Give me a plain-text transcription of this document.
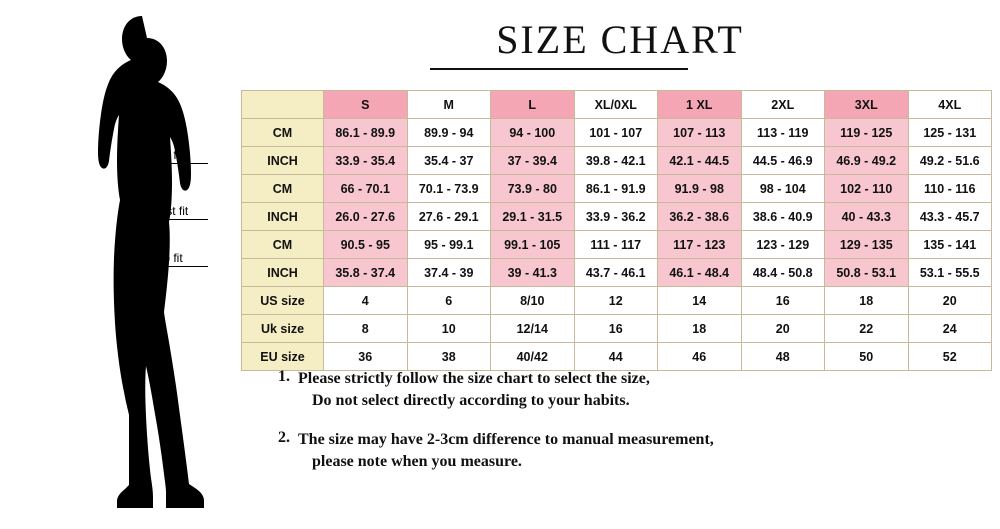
Bust fit
Waist fit
Hip fit
SIZE CHART
	S	M	L	XL/0XL	1 XL	2XL	3XL	4XL
CM	86.1 - 89.9	89.9 - 94	94 - 100	101 - 107	107 - 113	113 - 119	119 - 125	125 - 131
INCH	33.9 - 35.4	35.4 - 37	37 - 39.4	39.8 - 42.1	42.1 - 44.5	44.5 - 46.9	46.9 - 49.2	49.2 - 51.6
CM	66 - 70.1	70.1 - 73.9	73.9 - 80	86.1 - 91.9	91.9 - 98	98 - 104	102 - 110	110 - 116
INCH	26.0 - 27.6	27.6 - 29.1	29.1 - 31.5	33.9 - 36.2	36.2 - 38.6	38.6 - 40.9	40 - 43.3	43.3 - 45.7
CM	90.5 - 95	95 - 99.1	99.1 - 105	111 - 117	117 - 123	123 - 129	129 - 135	135 - 141
INCH	35.8 - 37.4	37.4 - 39	39 - 41.3	43.7 - 46.1	46.1 - 48.4	48.4 - 50.8	50.8 - 53.1	53.1 - 55.5
US size	4	6	8/10	12	14	16	18	20
Uk size	8	10	12/14	16	18	20	22	24
EU size	36	38	40/42	44	46	48	50	52
1. Please strictly follow the size chart to select the size,
Do not select directly according to your habits.
2. The size may have 2-3cm difference to manual measurement,
please note when you measure.
